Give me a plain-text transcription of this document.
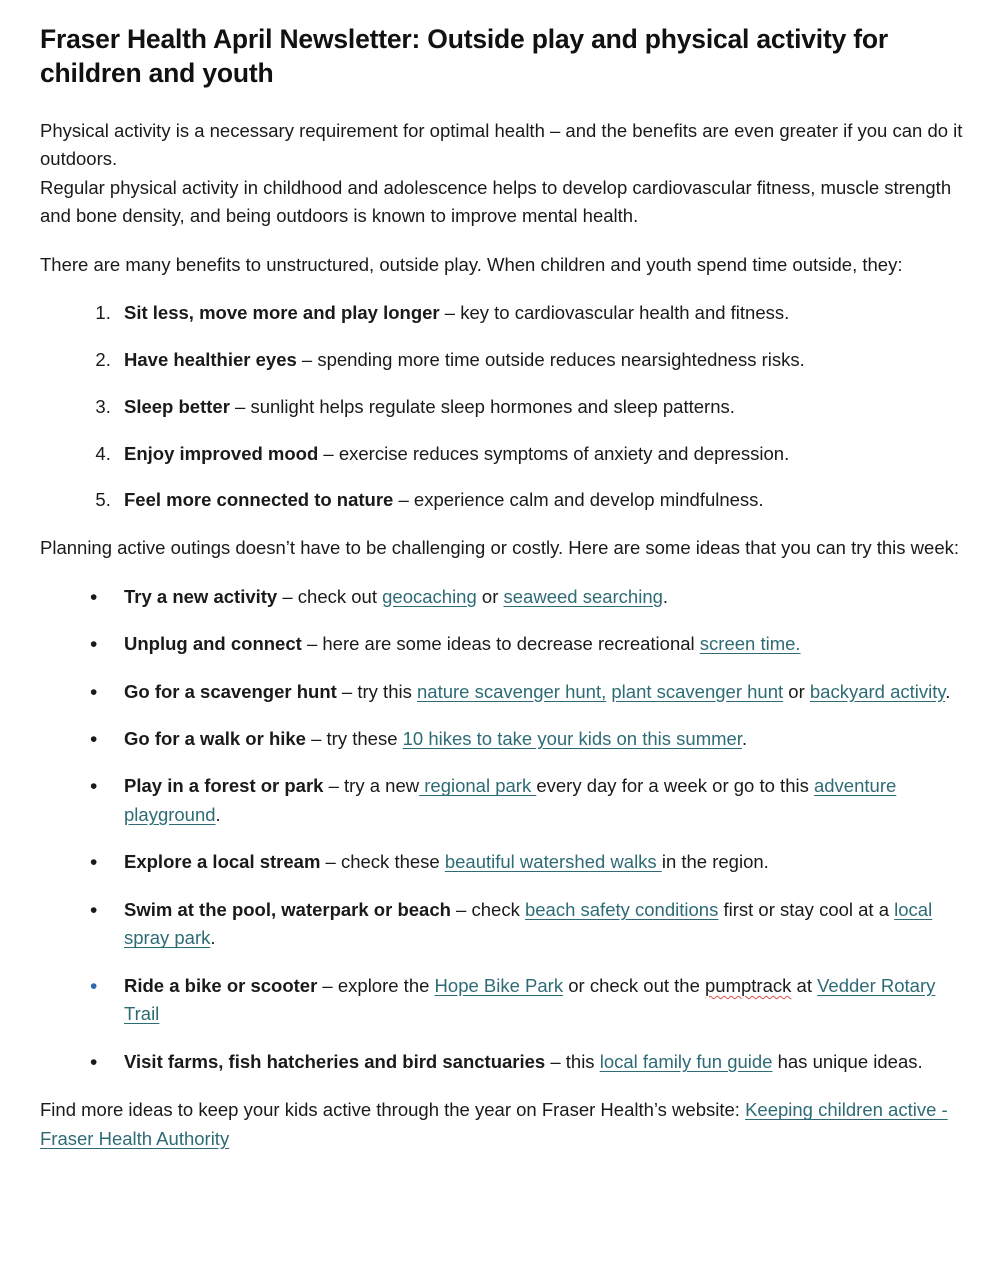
Fraser Health April Newsletter: Outside play and physical activity for children and youth

Physical activity is a necessary requirement for optimal health – and the benefits are even greater if you can do it outdoors.
Regular physical activity in childhood and adolescence helps to develop cardiovascular fitness, muscle strength and bone density, and being outdoors is known to improve mental health.

There are many benefits to unstructured, outside play. When children and youth spend time outside, they:

1. Sit less, move more and play longer – key to cardiovascular health and fitness.
2. Have healthier eyes – spending more time outside reduces nearsightedness risks.
3. Sleep better – sunlight helps regulate sleep hormones and sleep patterns.
4. Enjoy improved mood – exercise reduces symptoms of anxiety and depression.
5. Feel more connected to nature – experience calm and develop mindfulness.

Planning active outings doesn’t have to be challenging or costly. Here are some ideas that you can try this week:

• Try a new activity – check out geocaching or seaweed searching.
• Unplug and connect – here are some ideas to decrease recreational screen time.
• Go for a scavenger hunt – try this nature scavenger hunt, plant scavenger hunt or backyard activity.
• Go for a walk or hike – try these 10 hikes to take your kids on this summer.
• Play in a forest or park – try a new regional park every day for a week or go to this adventure playground.
• Explore a local stream – check these beautiful watershed walks in the region.
• Swim at the pool, waterpark or beach – check beach safety conditions first or stay cool at a local spray park.
• Ride a bike or scooter – explore the Hope Bike Park or check out the pumptrack at Vedder Rotary Trail
• Visit farms, fish hatcheries and bird sanctuaries – this local family fun guide has unique ideas.

Find more ideas to keep your kids active through the year on Fraser Health’s website: Keeping children active - Fraser Health Authority
